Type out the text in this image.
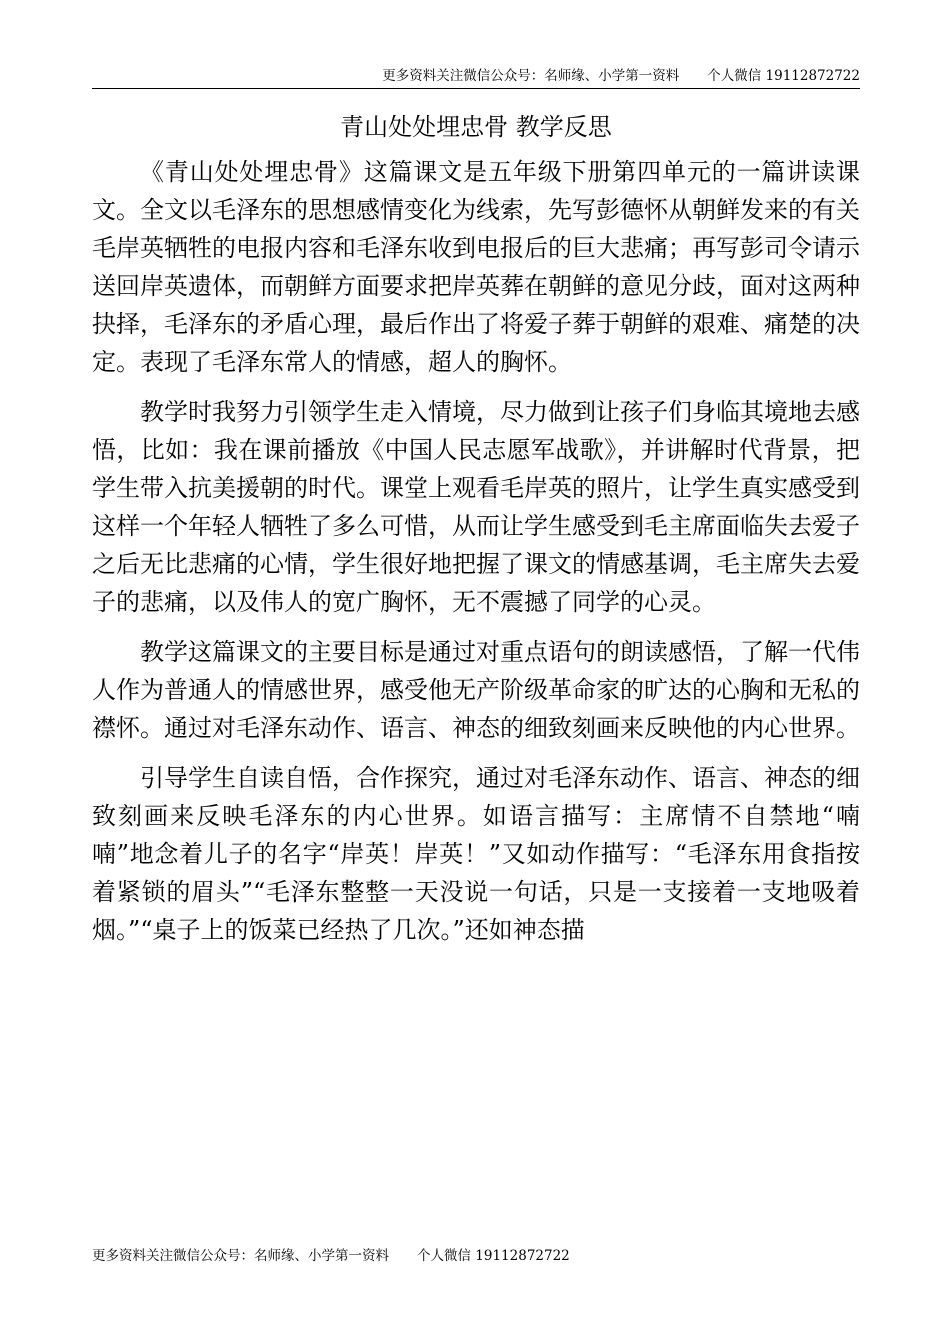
更多资料关注微信公众号：名师缘、小学第一资料 个人微信 19112872722
青山处处埋忠骨 教学反思

《青山处处埋忠骨》这篇课文是五年级下册第四单元的一篇讲读课文。全文以毛泽东的思想感情变化为线索，先写彭德怀从朝鲜发来的有关毛岸英牺牲的电报内容和毛泽东收到电报后的巨大悲痛；再写彭司令请示送回岸英遗体，而朝鲜方面要求把岸英葬在朝鲜的意见分歧，面对这两种抉择，毛泽东的矛盾心理，最后作出了将爱子葬于朝鲜的艰难、痛楚的决定。表现了毛泽东常人的情感，超人的胸怀。

教学时我努力引领学生走入情境，尽力做到让孩子们身临其境地去感悟，比如：我在课前播放《中国人民志愿军战歌》，并讲解时代背景，把学生带入抗美援朝的时代。课堂上观看毛岸英的照片，让学生真实感受到这样一个年轻人牺牲了多么可惜，从而让学生感受到毛主席面临失去爱子之后无比悲痛的心情，学生很好地把握了课文的情感基调，毛主席失去爱子的悲痛，以及伟人的宽广胸怀，无不震撼了同学的心灵。

教学这篇课文的主要目标是通过对重点语句的朗读感悟，了解一代伟人作为普通人的情感世界，感受他无产阶级革命家的旷达的心胸和无私的襟怀。通过对毛泽东动作、语言、神态的细致刻画来反映他的内心世界。

引导学生自读自悟，合作探究，通过对毛泽东动作、语言、神态的细致刻画来反映毛泽东的内心世界。如语言描写：主席情不自禁地“喃喃”地念着儿子的名字“岸英！岸英！”又如动作描写：“毛泽东用食指按着紧锁的眉头”“毛泽东整整一天没说一句话，只是一支接着一支地吸着烟。”“桌子上的饭菜已经热了几次。”还如神态描

更多资料关注微信公众号：名师缘、小学第一资料 个人微信 19112872722
